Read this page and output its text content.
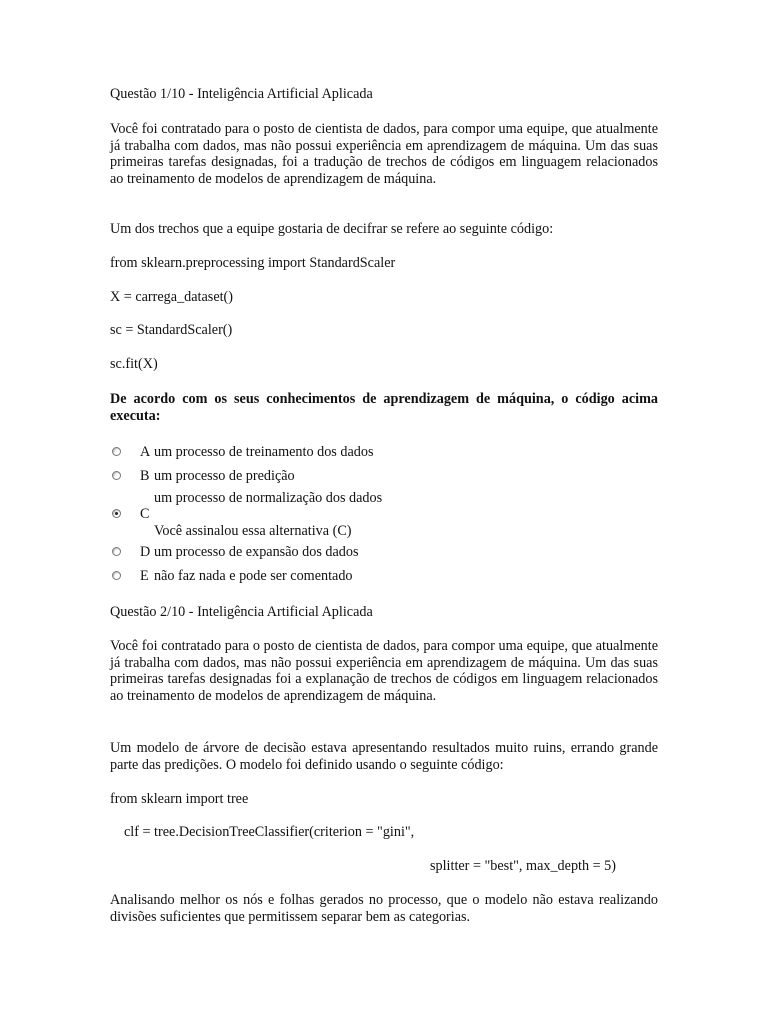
Questão 1/10 - Inteligência Artificial Aplicada

Você foi contratado para o posto de cientista de dados, para compor uma equipe, que atualmente já trabalha com dados, mas não possui experiência em aprendizagem de máquina. Um das suas primeiras tarefas designadas, foi a tradução de trechos de códigos em linguagem relacionados ao treinamento de modelos de aprendizagem de máquina.

Um dos trechos que a equipe gostaria de decifrar se refere ao seguinte código:

from sklearn.preprocessing import StandardScaler

X = carrega_dataset()

sc = StandardScaler()

sc.fit(X)

De acordo com os seus conhecimentos de aprendizagem de máquina, o código acima executa:

A um processo de treinamento dos dados
B um processo de predição
um processo de normalização dos dados
C
Você assinalou essa alternativa (C)
D um processo de expansão dos dados
E não faz nada e pode ser comentado

Questão 2/10 - Inteligência Artificial Aplicada

Você foi contratado para o posto de cientista de dados, para compor uma equipe, que atualmente já trabalha com dados, mas não possui experiência em aprendizagem de máquina. Um das suas primeiras tarefas designadas foi a explanação de trechos de códigos em linguagem relacionados ao treinamento de modelos de aprendizagem de máquina.

Um modelo de árvore de decisão estava apresentando resultados muito ruins, errando grande parte das predições. O modelo foi definido usando o seguinte código:

from sklearn import tree

clf = tree.DecisionTreeClassifier(criterion = "gini",

splitter = "best", max_depth = 5)

Analisando melhor os nós e folhas gerados no processo, que o modelo não estava realizando divisões suficientes que permitissem separar bem as categorias.
